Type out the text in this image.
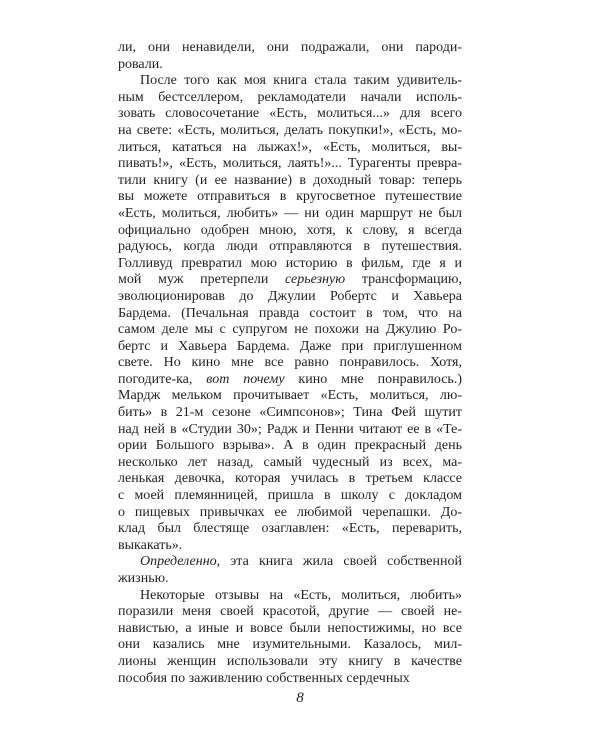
ли, они ненавидели, они подражали, они пароди-
ровали.
После того как моя книга стала таким удивитель-
ным бестселлером, рекламодатели начали исполь-
зовать словосочетание «Есть, молиться...» для всего
на свете: «Есть, молиться, делать покупки!», «Есть, мо-
литься, кататься на лыжах!», «Есть, молиться, вы-
пивать!», «Есть, молиться, лаять!»... Турагенты преврa-
тили книгу (и ее название) в доходный товар: теперь
вы можете отправиться в кругосветное путешествие
«Есть, молиться, любить» — ни один маршрут не был
официально одобрен мною, хотя, к слову, я всегда
радуюсь, когда люди отправляются в путешествия.
Голливуд превратил мою историю в фильм, где я и
мой муж претерпели серьезную трансформацию,
эволюционировав до Джулии Робертс и Хавьера
Бардема. (Печальная правда состоит в том, что на
самом деле мы с супругом не похожи на Джулию Ро-
бертс и Хавьера Бардема. Даже при приглушенном
свете. Но кино мне все равно понравилось. Хотя,
погодите-ка, вот почему кино мне понравилось.)
Мардж мельком прочитывает «Есть, молиться, лю-
бить» в 21-м сезоне «Симпсонов»; Тина Фей шутит
над ней в «Студии 30»; Радж и Пенни читают ее в «Те-
ории Большого взрыва». А в один прекрасный день
несколько лет назад, самый чудесный из всех, ма-
ленькая девочка, которая училась в третьем классе
с моей племянницей, пришла в школу с докладом
о пищевых привычках ее любимой черепашки. До-
клад был блестяще озаглавлен: «Есть, переварить,
выкакать».
Определенно, эта книга жила своей собственной
жизнью.
Некоторые отзывы на «Есть, молиться, любить»
поразили меня своей красотой, другие — своей не-
навистью, а иные и вовсе были непостижимы, но все
они казались мне изумительными. Казалось, мил-
лионы женщин использовали эту книгу в качестве
пособия по заживлению собственных сердечных
8
